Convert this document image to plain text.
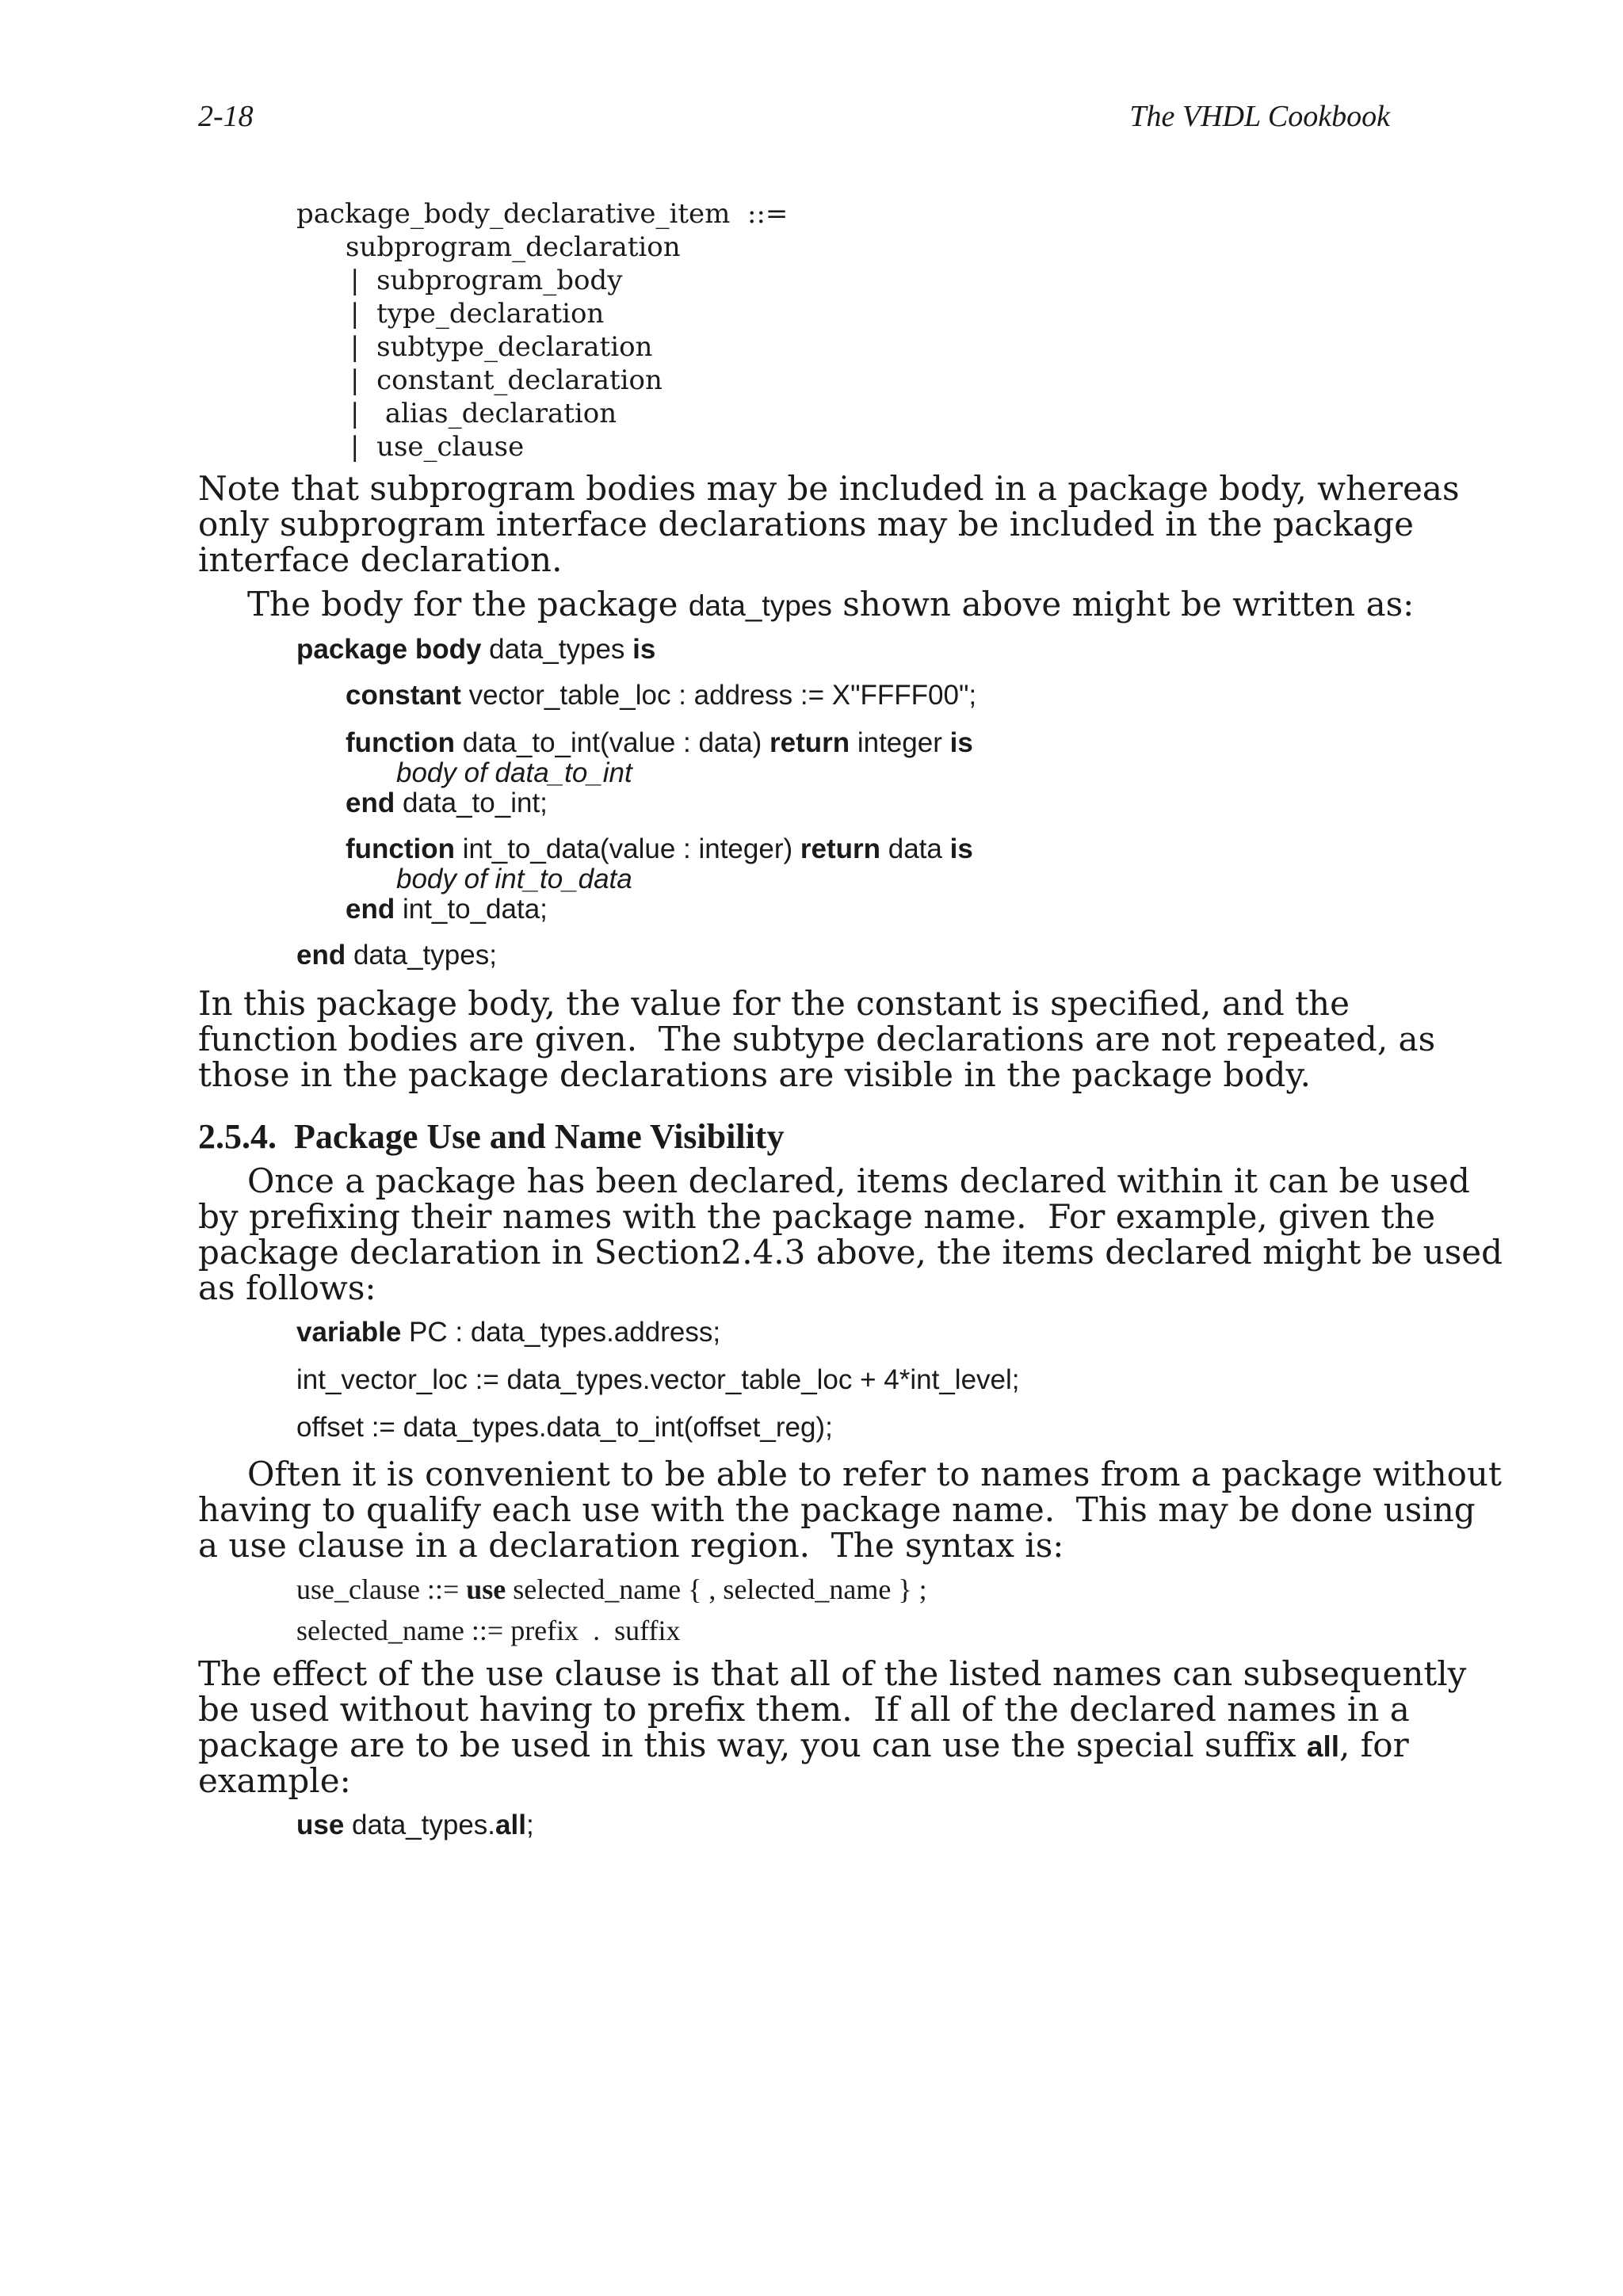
2-18	The VHDL Cookbook
package_body_declarative_item  ::=
subprogram_declaration
|  subprogram_body
|  type_declaration
|  subtype_declaration
|  constant_declaration
|   alias_declaration
|  use_clause
Note that subprogram bodies may be included in a package body, whereas
only subprogram interface declarations may be included in the package
interface declaration.
The body for the package data_types shown above might be written as:
package body data_types is
constant vector_table_loc : address := X"FFFF00";
function data_to_int(value : data) return integer is
body of data_to_int
end data_to_int;
function int_to_data(value : integer) return data is
body of int_to_data
end int_to_data;
end data_types;
In this package body, the value for the constant is specified, and the
function bodies are given.  The subtype declarations are not repeated, as
those in the package declarations are visible in the package body.
2.5.4. Package Use and Name Visibility
Once a package has been declared, items declared within it can be used
by prefixing their names with the package name.  For example, given the
package declaration in Section2.4.3 above, the items declared might be used
as follows:
variable PC : data_types.address;
int_vector_loc := data_types.vector_table_loc + 4*int_level;
offset := data_types.data_to_int(offset_reg);
Often it is convenient to be able to refer to names from a package without
having to qualify each use with the package name.  This may be done using
a use clause in a declaration region.  The syntax is:
use_clause ::= use selected_name { , selected_name } ;
selected_name ::= prefix  .  suffix
The effect of the use clause is that all of the listed names can subsequently
be used without having to prefix them.  If all of the declared names in a
package are to be used in this way, you can use the special suffix all, for
example:
use data_types.all;
